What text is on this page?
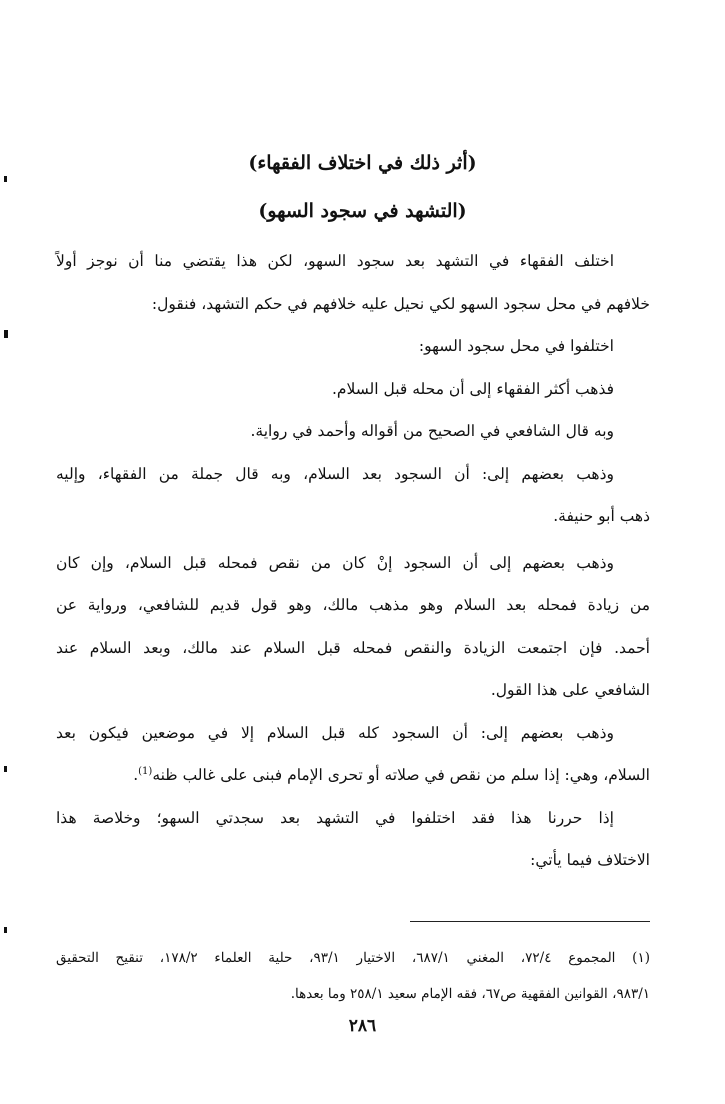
(أثر ذلك في اختلاف الفقهاء)
(التشهد في سجود السهو)
اختلف الفقهاء في التشهد بعد سجود السهو، لكن هذا يقتضي منا أن نوجز أولاً
خلافهم في محل سجود السهو لكي نحيل عليه خلافهم في حكم التشهد، فنقول:
اختلفوا في محل سجود السهو:
فذهب أكثر الفقهاء إلى أن محله قبل السلام.
وبه قال الشافعي في الصحيح من أقواله وأحمد في رواية.
وذهب بعضهم إلى: أن السجود بعد السلام، وبه قال جملة من الفقهاء، وإليه
ذهب أبو حنيفة.
وذهب بعضهم إلى أن السجود إنْ كان من نقص فمحله قبل السلام، وإن كان
من زيادة فمحله بعد السلام وهو مذهب مالك، وهو قول قديم للشافعي، ورواية عن
أحمد. فإن اجتمعت الزيادة والنقص فمحله قبل السلام عند مالك، وبعد السلام عند
الشافعي على هذا القول.
وذهب بعضهم إلى: أن السجود كله قبل السلام إلا في موضعين فيكون بعد
السلام، وهي: إذا سلم من نقص في صلاته أو تحرى الإمام فبنى على غالب ظنه$^{(1)}$.
إذا حررنا هذا فقد اختلفوا في التشهد بعد سجدتي السهو؛ وخلاصة هذا
الاختلاف فيما يأتي:
(١) المجموع ٧٢/٤، المغني ٦٨٧/١، الاختيار ٩٣/١، حلية العلماء ١٧٨/٢، تنقيح التحقيق
٩٨٣/١، القوانين الفقهية ص٦٧، فقه الإمام سعيد ٢٥٨/١ وما بعدها.
٢٨٦
